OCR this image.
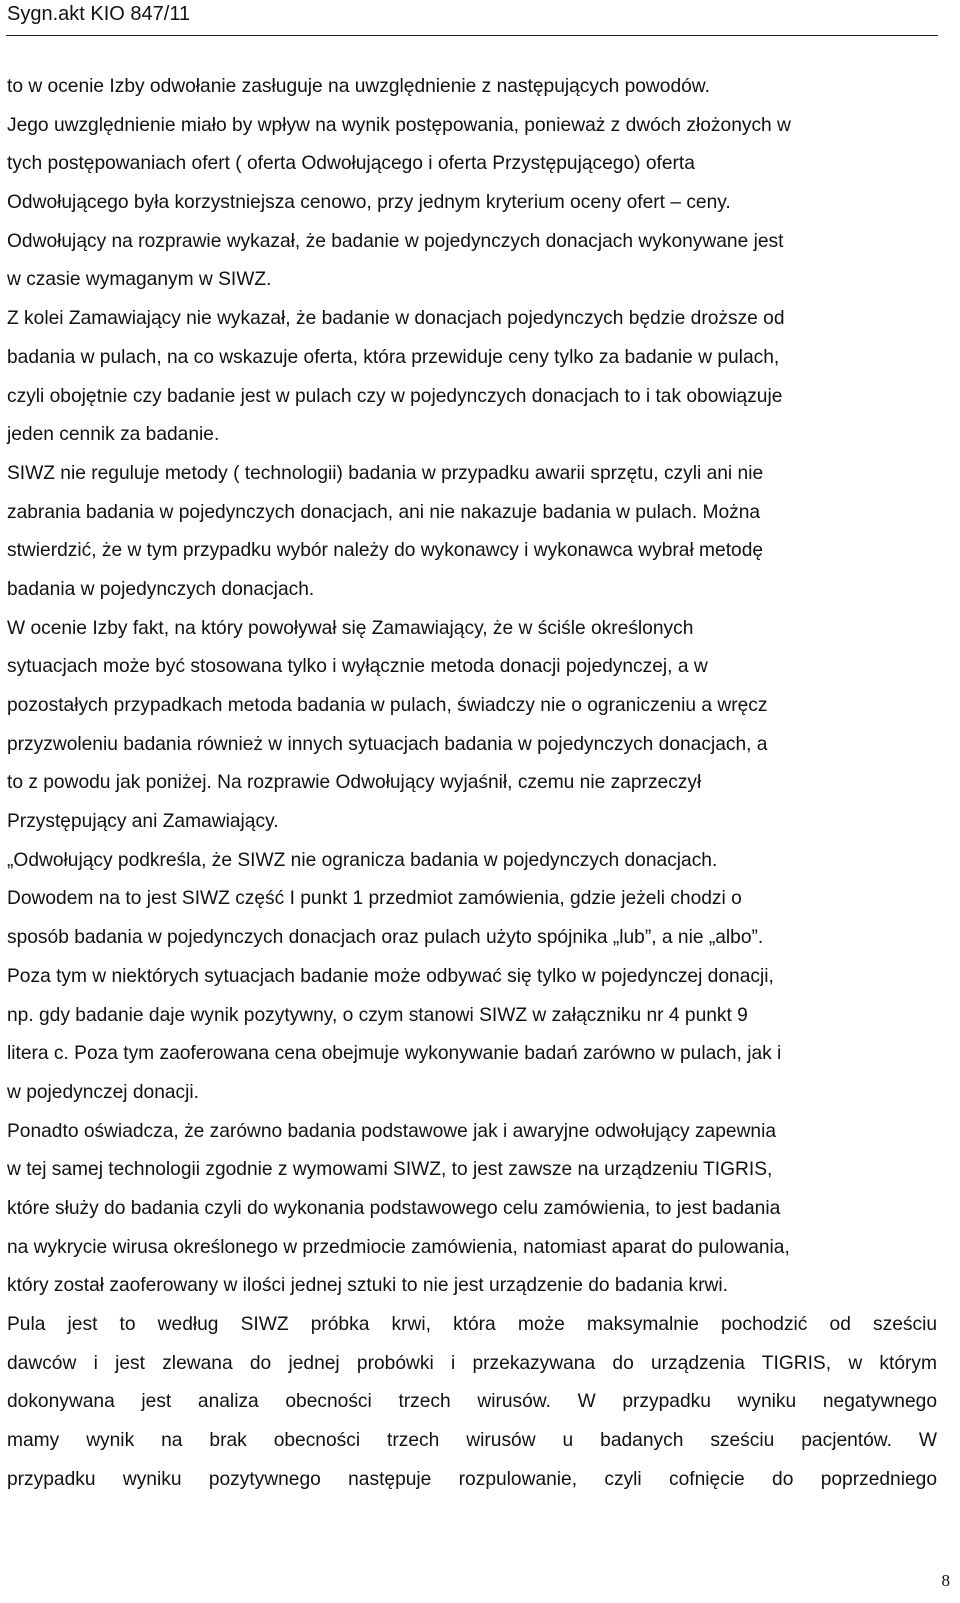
Sygn.akt KIO 847/11
to w ocenie Izby odwołanie zasługuje na uwzględnienie z następujących powodów.
Jego uwzględnienie miało by wpływ na wynik postępowania, ponieważ z dwóch złożonych w
tych postępowaniach ofert ( oferta Odwołującego i oferta Przystępującego) oferta
Odwołującego była korzystniejsza cenowo, przy jednym kryterium oceny ofert – ceny.
Odwołujący na rozprawie wykazał, że badanie w pojedynczych donacjach wykonywane jest
w czasie wymaganym w SIWZ.
Z kolei Zamawiający nie wykazał, że badanie w donacjach pojedynczych będzie droższe od
badania w pulach, na co wskazuje oferta, która przewiduje ceny tylko za badanie w pulach,
czyli obojętnie czy badanie jest w pulach czy w pojedynczych donacjach to i tak obowiązuje
jeden cennik za badanie.
SIWZ nie reguluje metody ( technologii) badania w przypadku awarii sprzętu, czyli ani nie
zabrania badania w pojedynczych donacjach, ani nie nakazuje badania w pulach. Można
stwierdzić, że w tym przypadku wybór należy do wykonawcy i wykonawca wybrał metodę
badania w pojedynczych donacjach.
W ocenie Izby fakt, na który powoływał się Zamawiający, że w ściśle określonych
sytuacjach może być stosowana tylko i wyłącznie metoda donacji pojedynczej, a w
pozostałych przypadkach metoda badania w pulach, świadczy nie o ograniczeniu a wręcz
przyzwoleniu badania również w innych sytuacjach badania w pojedynczych donacjach, a
to z powodu jak poniżej. Na rozprawie Odwołujący wyjaśnił, czemu nie zaprzeczył
Przystępujący ani Zamawiający.
„Odwołujący podkreśla, że SIWZ nie ogranicza badania w pojedynczych donacjach.
Dowodem na to jest SIWZ część I punkt 1 przedmiot zamówienia, gdzie jeżeli chodzi o
sposób badania w pojedynczych donacjach oraz pulach użyto spójnika „lub”, a nie „albo”.
Poza tym w niektórych sytuacjach badanie może odbywać się tylko w pojedynczej donacji,
np. gdy badanie daje wynik pozytywny, o czym stanowi SIWZ w załączniku nr 4 punkt 9
litera c. Poza tym zaoferowana cena obejmuje wykonywanie badań zarówno w pulach, jak i
w pojedynczej donacji.
Ponadto oświadcza, że zarówno badania podstawowe jak i awaryjne odwołujący zapewnia
w tej samej technologii zgodnie z wymowami SIWZ, to jest zawsze na urządzeniu TIGRIS,
które służy do badania czyli do wykonania podstawowego celu zamówienia, to jest badania
na wykrycie wirusa określonego w przedmiocie zamówienia, natomiast aparat do pulowania,
który został zaoferowany w ilości jednej sztuki to nie jest urządzenie do badania krwi.
Pula jest to według SIWZ próbka krwi, która może maksymalnie pochodzić od sześciu
dawców i jest zlewana do jednej probówki i przekazywana do urządzenia TIGRIS, w którym
dokonywana jest analiza obecności trzech wirusów. W przypadku wyniku negatywnego
mamy wynik na brak obecności trzech wirusów u badanych sześciu pacjentów. W
przypadku wyniku pozytywnego następuje rozpulowanie, czyli cofnięcie do poprzedniego
8
